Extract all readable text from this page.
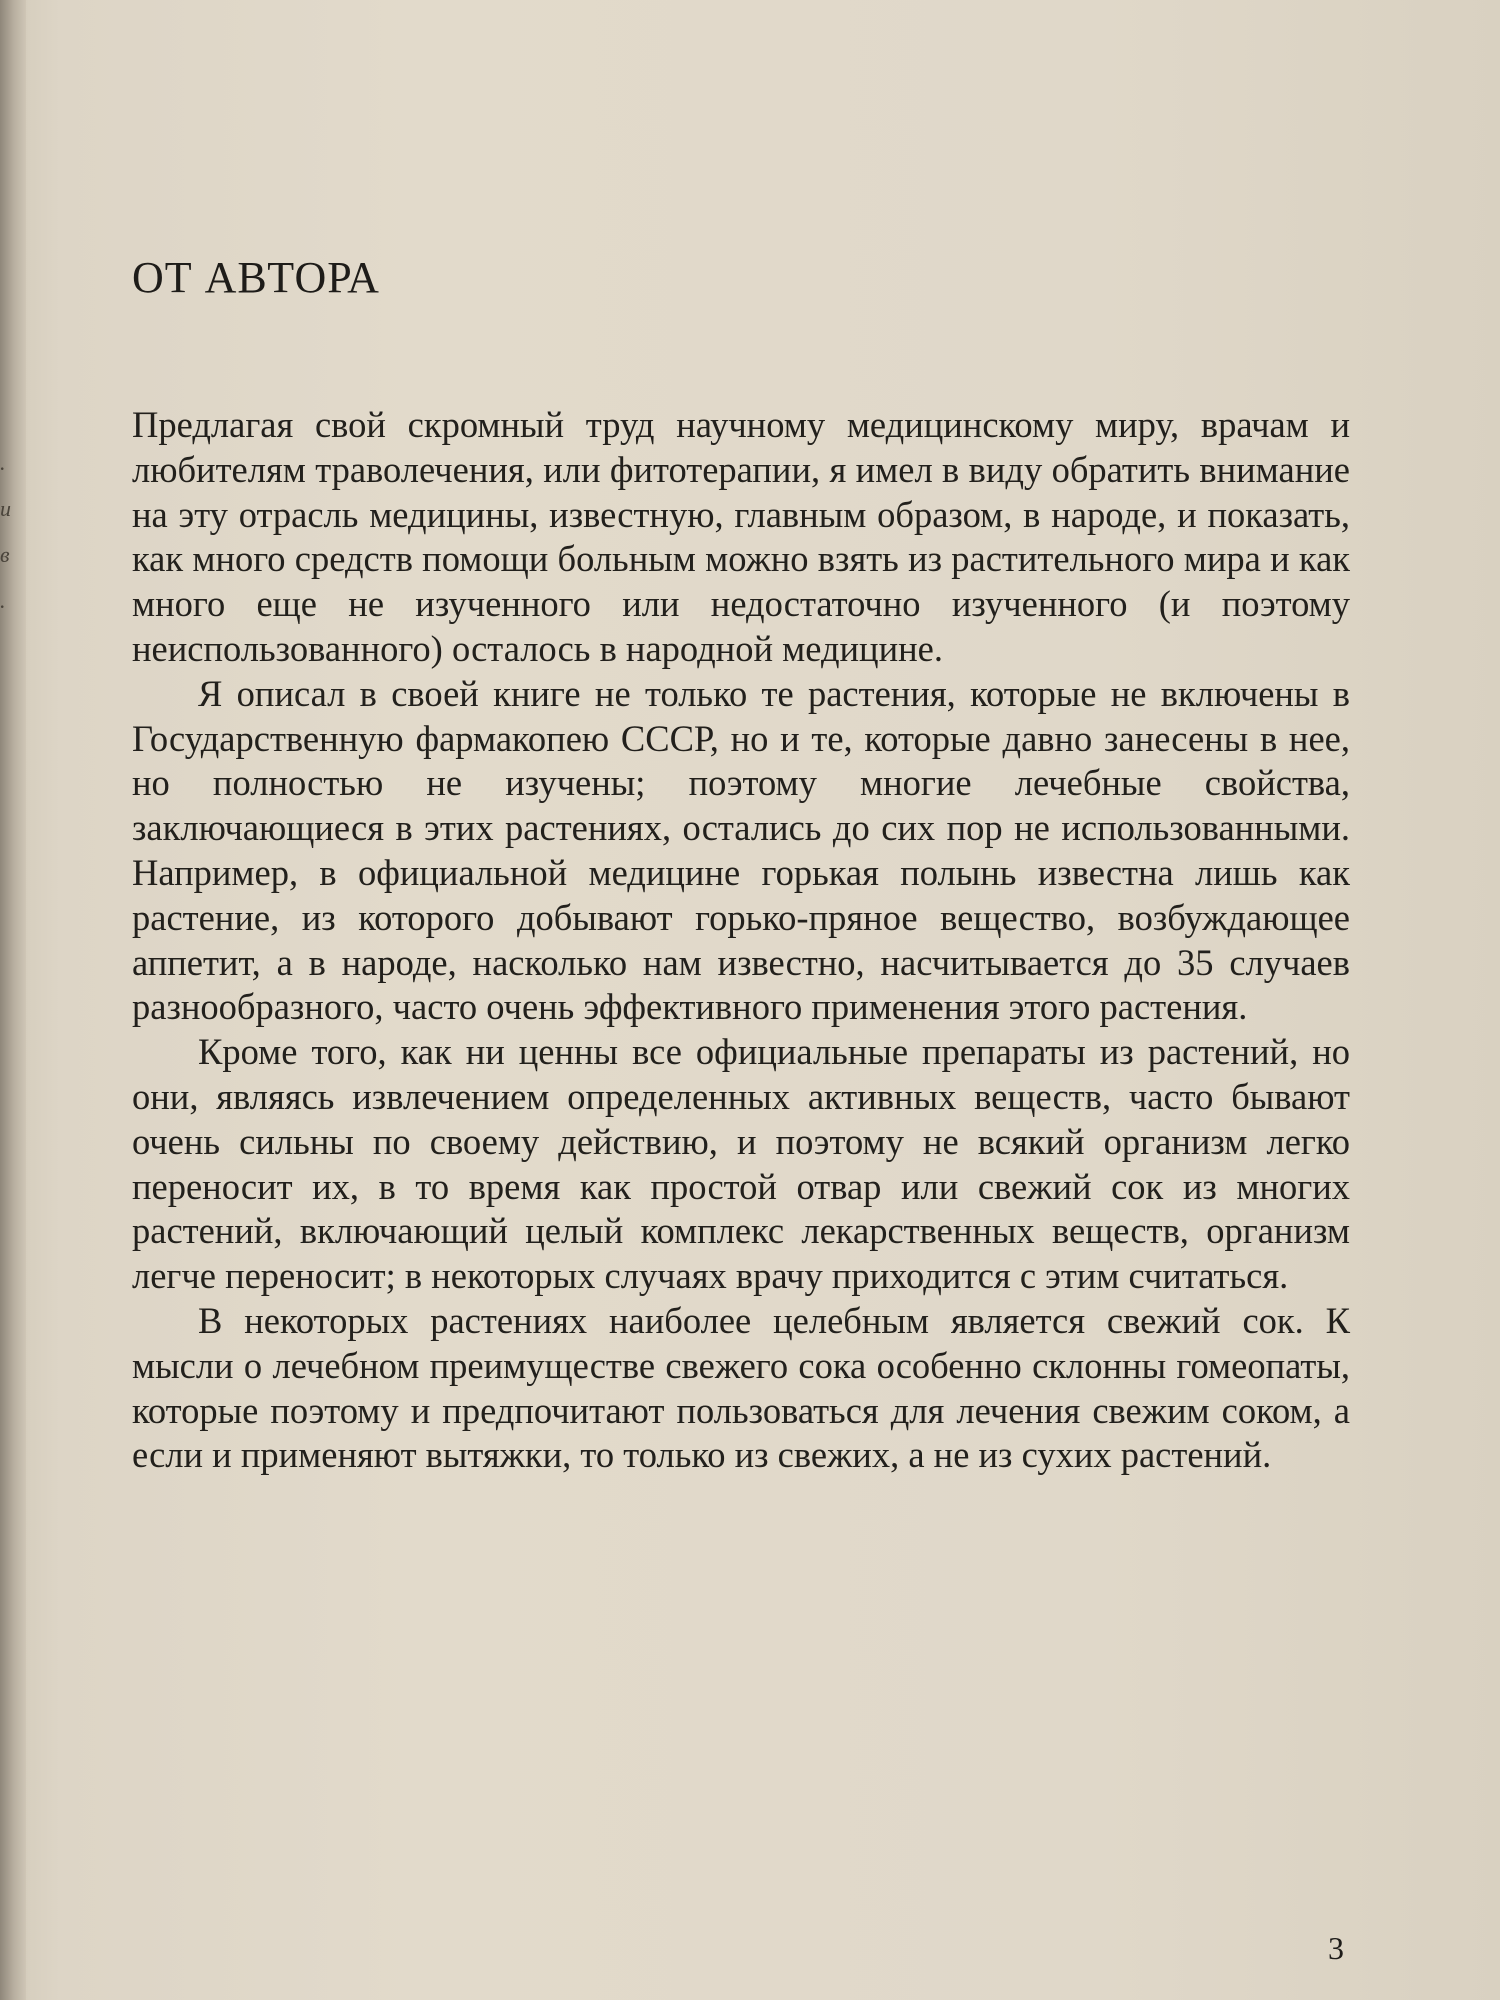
.
и
в
.
ОТ АВТОРА

Предлагая свой скромный труд научному медицинскому миру, врачам и любителям траволечения, или фитотерапии, я имел в виду обратить внимание на эту отрасль медицины, известную, главным образом, в народе, и показать, как много средств помощи больным можно взять из растительного мира и как много еще не изученного или недостаточно изученного (и поэтому неиспользованного) осталось в народной медицине.

Я описал в своей книге не только те растения, которые не включены в Государственную фармакопею СССР, но и те, которые давно занесены в нее, но полностью не изучены; поэтому многие лечебные свойства, заключающиеся в этих растениях, остались до сих пор не использованными. Например, в официальной медицине горькая полынь известна лишь как растение, из которого добывают горько-пряное вещество, возбуждающее аппетит, а в народе, насколько нам известно, насчитывается до 35 случаев разнообразного, часто очень эффективного применения этого растения.

Кроме того, как ни ценны все официальные препараты из растений, но они, являясь извлечением определенных активных веществ, часто бывают очень сильны по своему действию, и поэтому не всякий организм легко переносит их, в то время как простой отвар или свежий сок из многих растений, включающий целый комплекс лекарственных веществ, организм легче переносит; в некоторых случаях врачу приходится с этим считаться.

В некоторых растениях наиболее целебным является свежий сок. К мысли о лечебном преимуществе свежего сока особенно склонны гомеопаты, которые поэтому и предпочитают пользоваться для лечения свежим соком, а если и применяют вытяжки, то только из свежих, а не из сухих растений.

3
